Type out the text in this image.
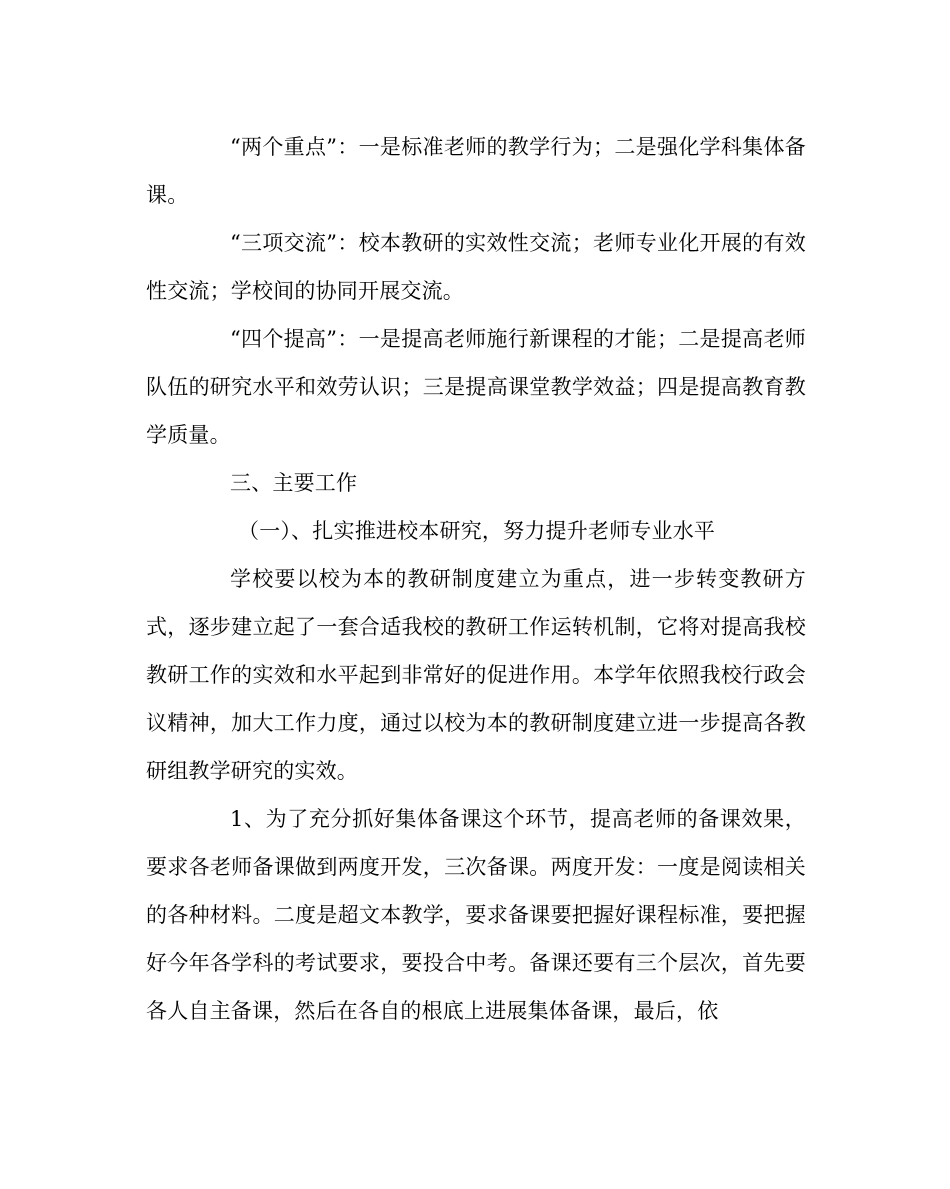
“两个重点”：一是标准老师的教学行为；二是强化学科集体备课。

“三项交流”：校本教研的实效性交流；老师专业化开展的有效性交流；学校间的协同开展交流。

“四个提高”：一是提高老师施行新课程的才能；二是提高老师队伍的研究水平和效劳认识；三是提高课堂教学效益；四是提高教育教学质量。

三、主要工作

（一）、扎实推进校本研究，努力提升老师专业水平

学校要以校为本的教研制度建立为重点，进一步转变教研方式，逐步建立起了一套合适我校的教研工作运转机制，它将对提高我校教研工作的实效和水平起到非常好的促进作用。本学年依照我校行政会议精神，加大工作力度，通过以校为本的教研制度建立进一步提高各教研组教学研究的实效。

1、为了充分抓好集体备课这个环节，提高老师的备课效果，要求各老师备课做到两度开发，三次备课。两度开发：一度是阅读相关的各种材料。二度是超文本教学，要求备课要把握好课程标准，要把握好今年各学科的考试要求，要投合中考。备课还要有三个层次，首先要各人自主备课，然后在各自的根底上进展集体备课，最后，依
